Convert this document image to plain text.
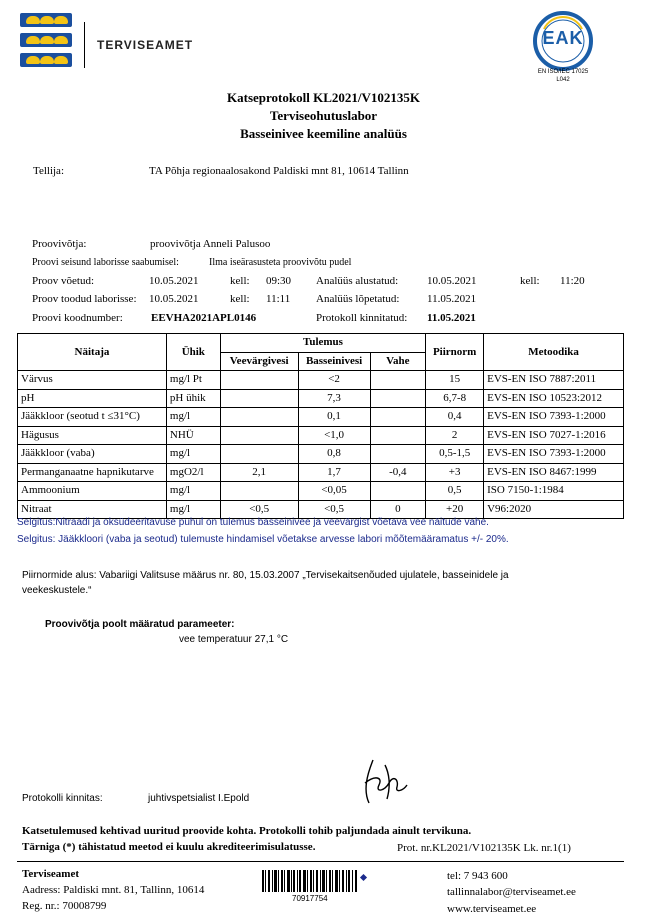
TERVISEAMET	EAK
EN ISO/IEC 17025
L042
Katseprotokoll KL2021/V102135K
Terviseohutuslabor
Basseinivee keemiline analüüs
Tellija:	TA Põhja regionaalosakond Paldiski mnt 81, 10614 Tallinn
Proovivõtja:	proovivõtja Anneli Palusoo
Proovi seisund laborisse saabumisel:	Ilma iseärasusteta proovivõtu pudel
Proov võetud:	10.05.2021	kell: 09:30 Analüüs alustatud:	10.05.2021	kell: 11:20
Proov toodud laborisse: 10.05.2021	kell: 11:11 Analüüs lõpetatud:	11.05.2021
Proovi koodnumber:	EEVHA2021APL0146	Protokoll kinnitatud: 11.05.2021
Näitaja	Ühik	Tulemus			Piirnorm	Metoodika
		Veevärgivesi	Basseinivesi	Vahe		
Värvus	mg/l Pt		<2		15	EVS-EN ISO 7887:2011
pH	pH ühik		7,3		6,7-8	EVS-EN ISO 10523:2012
Jääkkloor (seotud t ≤31°C)	mg/l		0,1		0,4	EVS-EN ISO 7393-1:2000
Hägusus	NHÜ		<1,0		2	EVS-EN ISO 7027-1:2016
Jääkkloor (vaba)	mg/l		0,8		0,5-1,5	EVS-EN ISO 7393-1:2000
Permanganaatne hapnikutarve	mgO2/l	2,1	1,7	-0,4	+3	EVS-EN ISO 8467:1999
Ammoonium	mg/l		<0,05		0,5	ISO 7150-1:1984
Nitraat	mg/l	<0,5	<0,5	0	+20	V96:2020
Selgitus:Nitraadi ja oksüdeeritavuse puhul on tulemus basseinivee ja veevärgist võetava vee näitude vahe.
Selgitus: Jääkkloori (vaba ja seotud) tulemuste hindamisel võetakse arvesse labori mõõtemääramatus +/- 20%.
Piirnormide alus: Vabariigi Valitsuse määrus nr. 80, 15.03.2007 „Tervisekaitsenõuded ujulatele, basseinidele ja
veekeskustele.“
Proovivõtja poolt määratud parameeter:
vee temperatuur 27,1 °C
Protokolli kinnitas:	juhtivspetsialist I.Epold
Katsetulemused kehtivad uuritud proovide kohta. Protokolli tohib paljundada ainult tervikuna.
Tärniga (*) tähistatud meetod ei kuulu akrediteerimisulatusse.	Prot. nr.KL2021/V102135K Lk. nr.1(1)
Terviseamet
Aadress: Paldiski mnt. 81, Tallinn, 10614
Reg. nr.: 70008799
70917754
tel: 7 943 600
tallinnalabor@terviseamet.ee
www.terviseamet.ee
